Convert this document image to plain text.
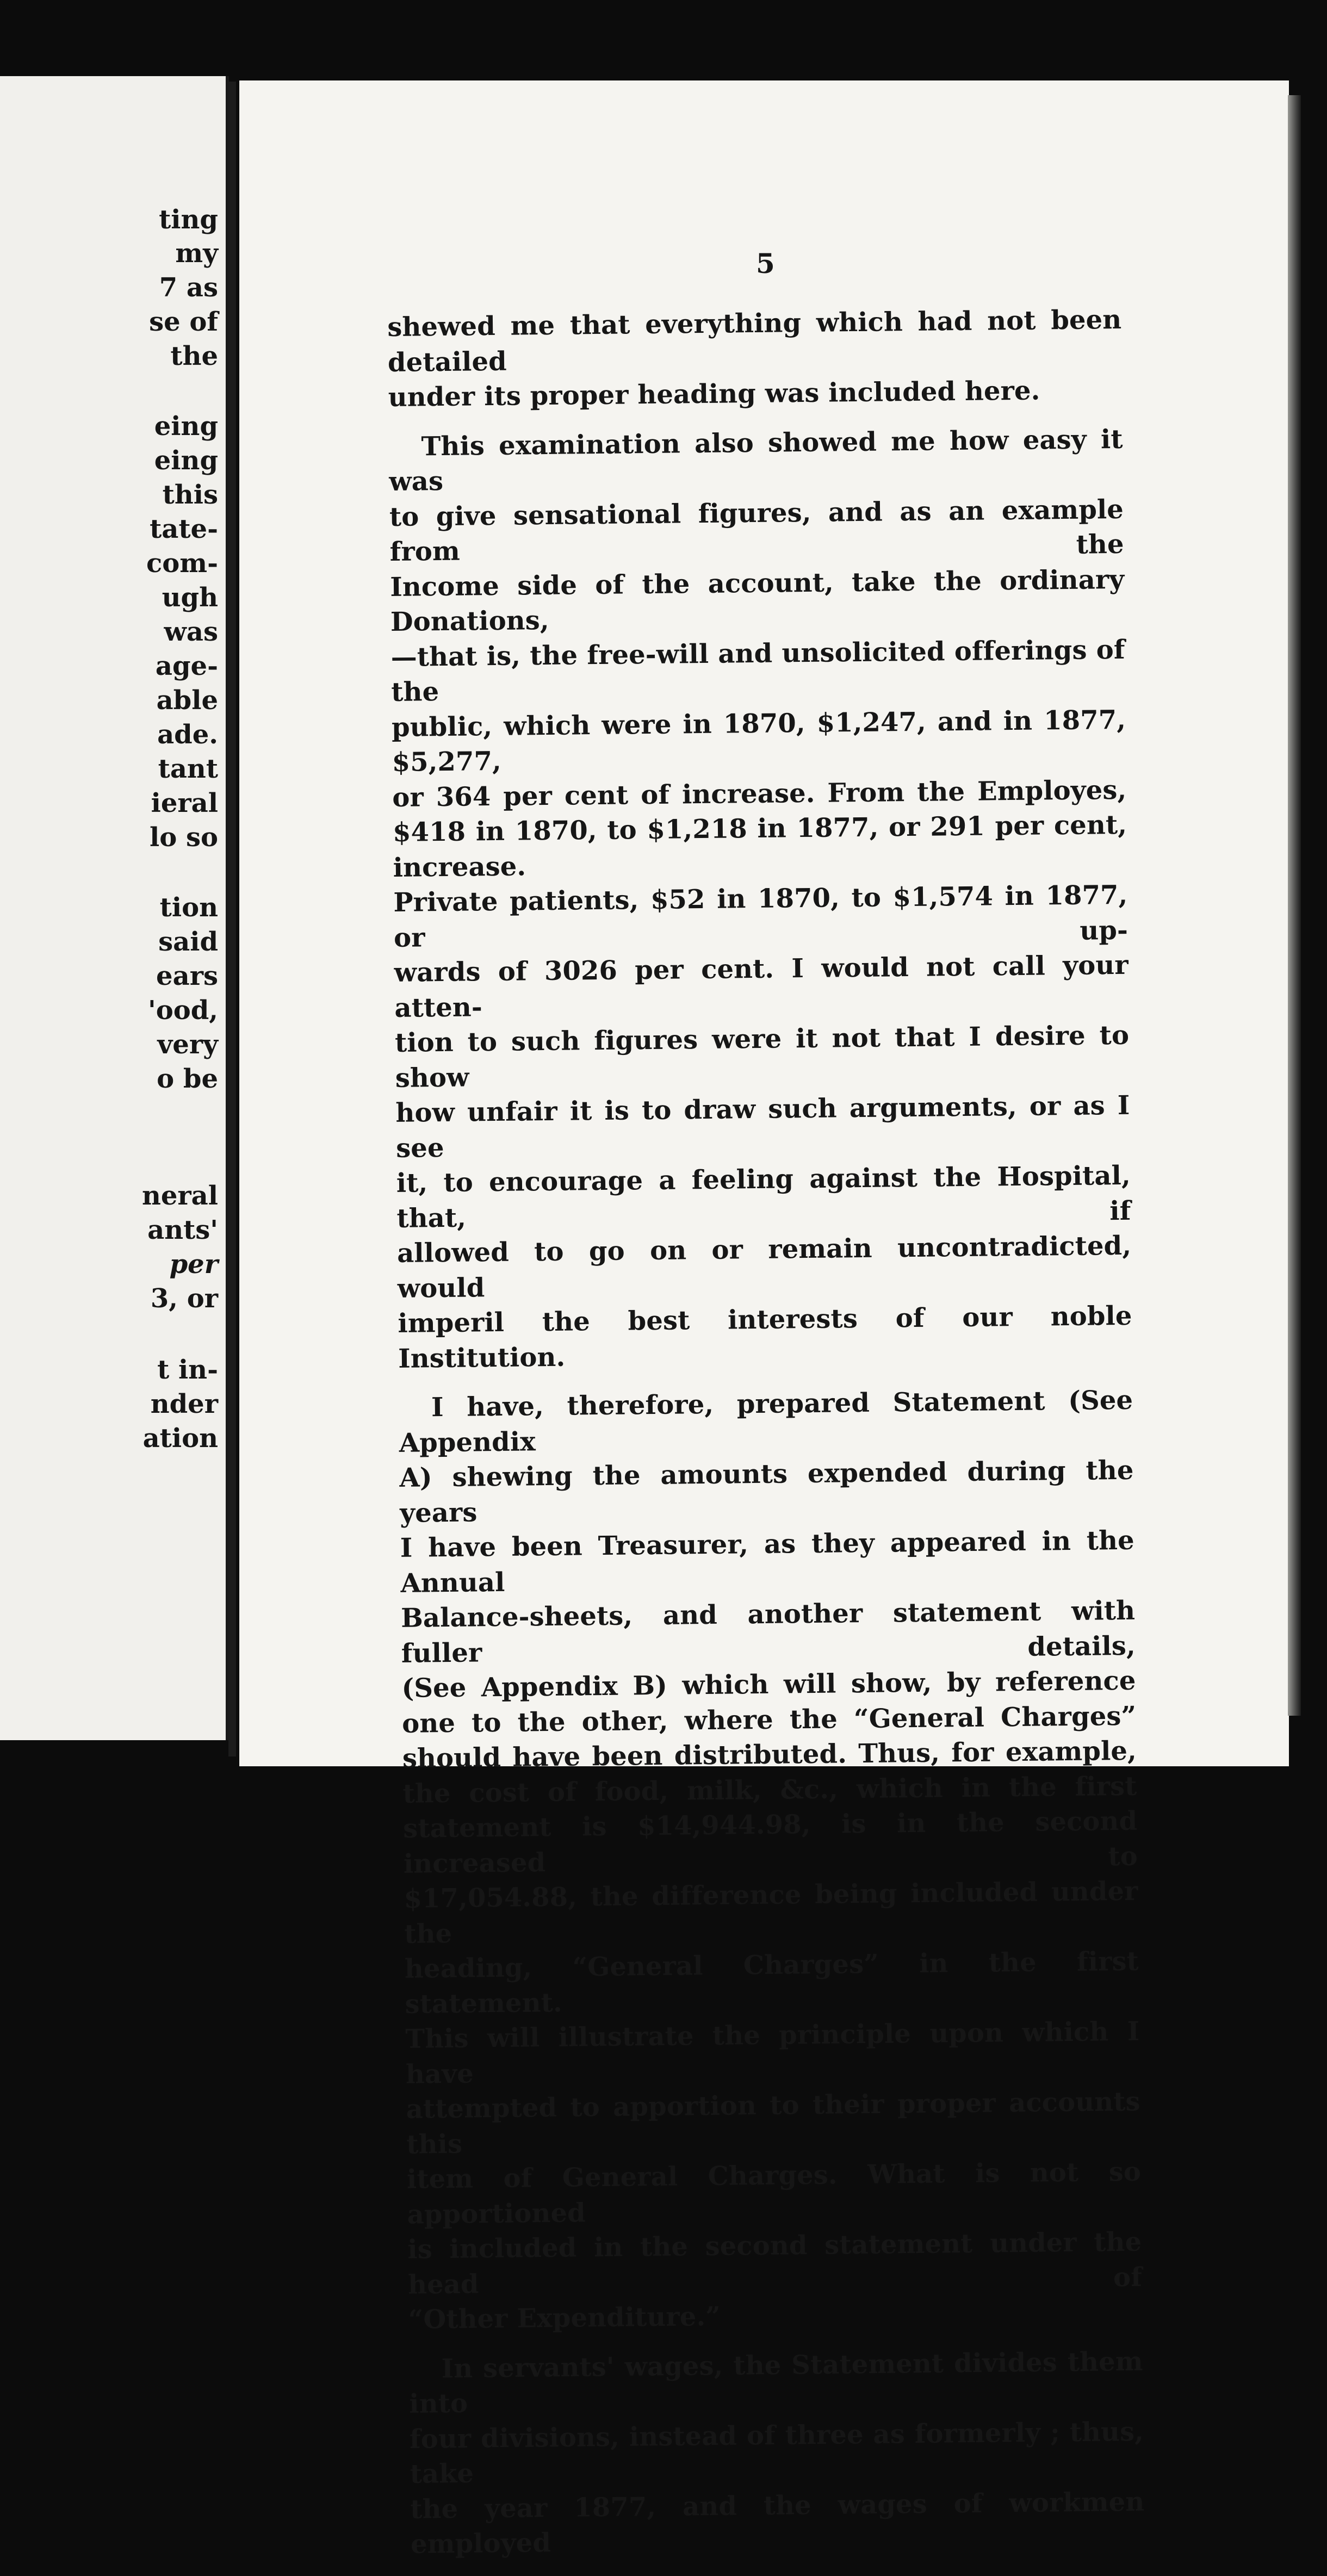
ting
my
7 as
se of
the
eing
eing
this
tate-
com-
ugh
was
age-
able
ade.
tant
ieral
lo so
tion
said
ears
'ood,
very
o be
neral
ants'
per
3, or
t in-
nder
ation
5

shewed me that everything which had not been detailed
under its proper heading was included here.

This examination also showed me how easy it was
to give sensational figures, and as an example from the
Income side of the account, take the ordinary Donations,
—that is, the free-will and unsolicited offerings of the
public, which were in 1870, $1,247, and in 1877, $5,277,
or 364 per cent of increase. From the Employes,
$418 in 1870, to $1,218 in 1877, or 291 per cent, increase.
Private patients, $52 in 1870, to $1,574 in 1877, or up-
wards of 3026 per cent. I would not call your atten-
tion to such figures were it not that I desire to show
how unfair it is to draw such arguments, or as I see
it, to encourage a feeling against the Hospital, that, if
allowed to go on or remain uncontradicted, would
imperil the best interests of our noble Institution.

I have, therefore, prepared Statement (See Appendix
A) shewing the amounts expended during the years
I have been Treasurer, as they appeared in the Annual
Balance-sheets, and another statement with fuller details,
(See Appendix B) which will show, by reference
one to the other, where the “General Charges”
should have been distributed. Thus, for example,
the cost of food, milk, &c., which in the first
statement is $14,944.98, is in the second increased to
$17,054.88, the difference being included under the
heading, “General Charges” in the first statement.
This will illustrate the principle upon which I have
attempted to apportion to their proper accounts this
item of General Charges. What is not so apportioned
is included in the second statement under the head of
“Other Expenditure.”

In servants' wages, the Statement divides them into
four divisions, instead of three as formerly ; thus, take
the year 1877, and the wages of workmen employed
